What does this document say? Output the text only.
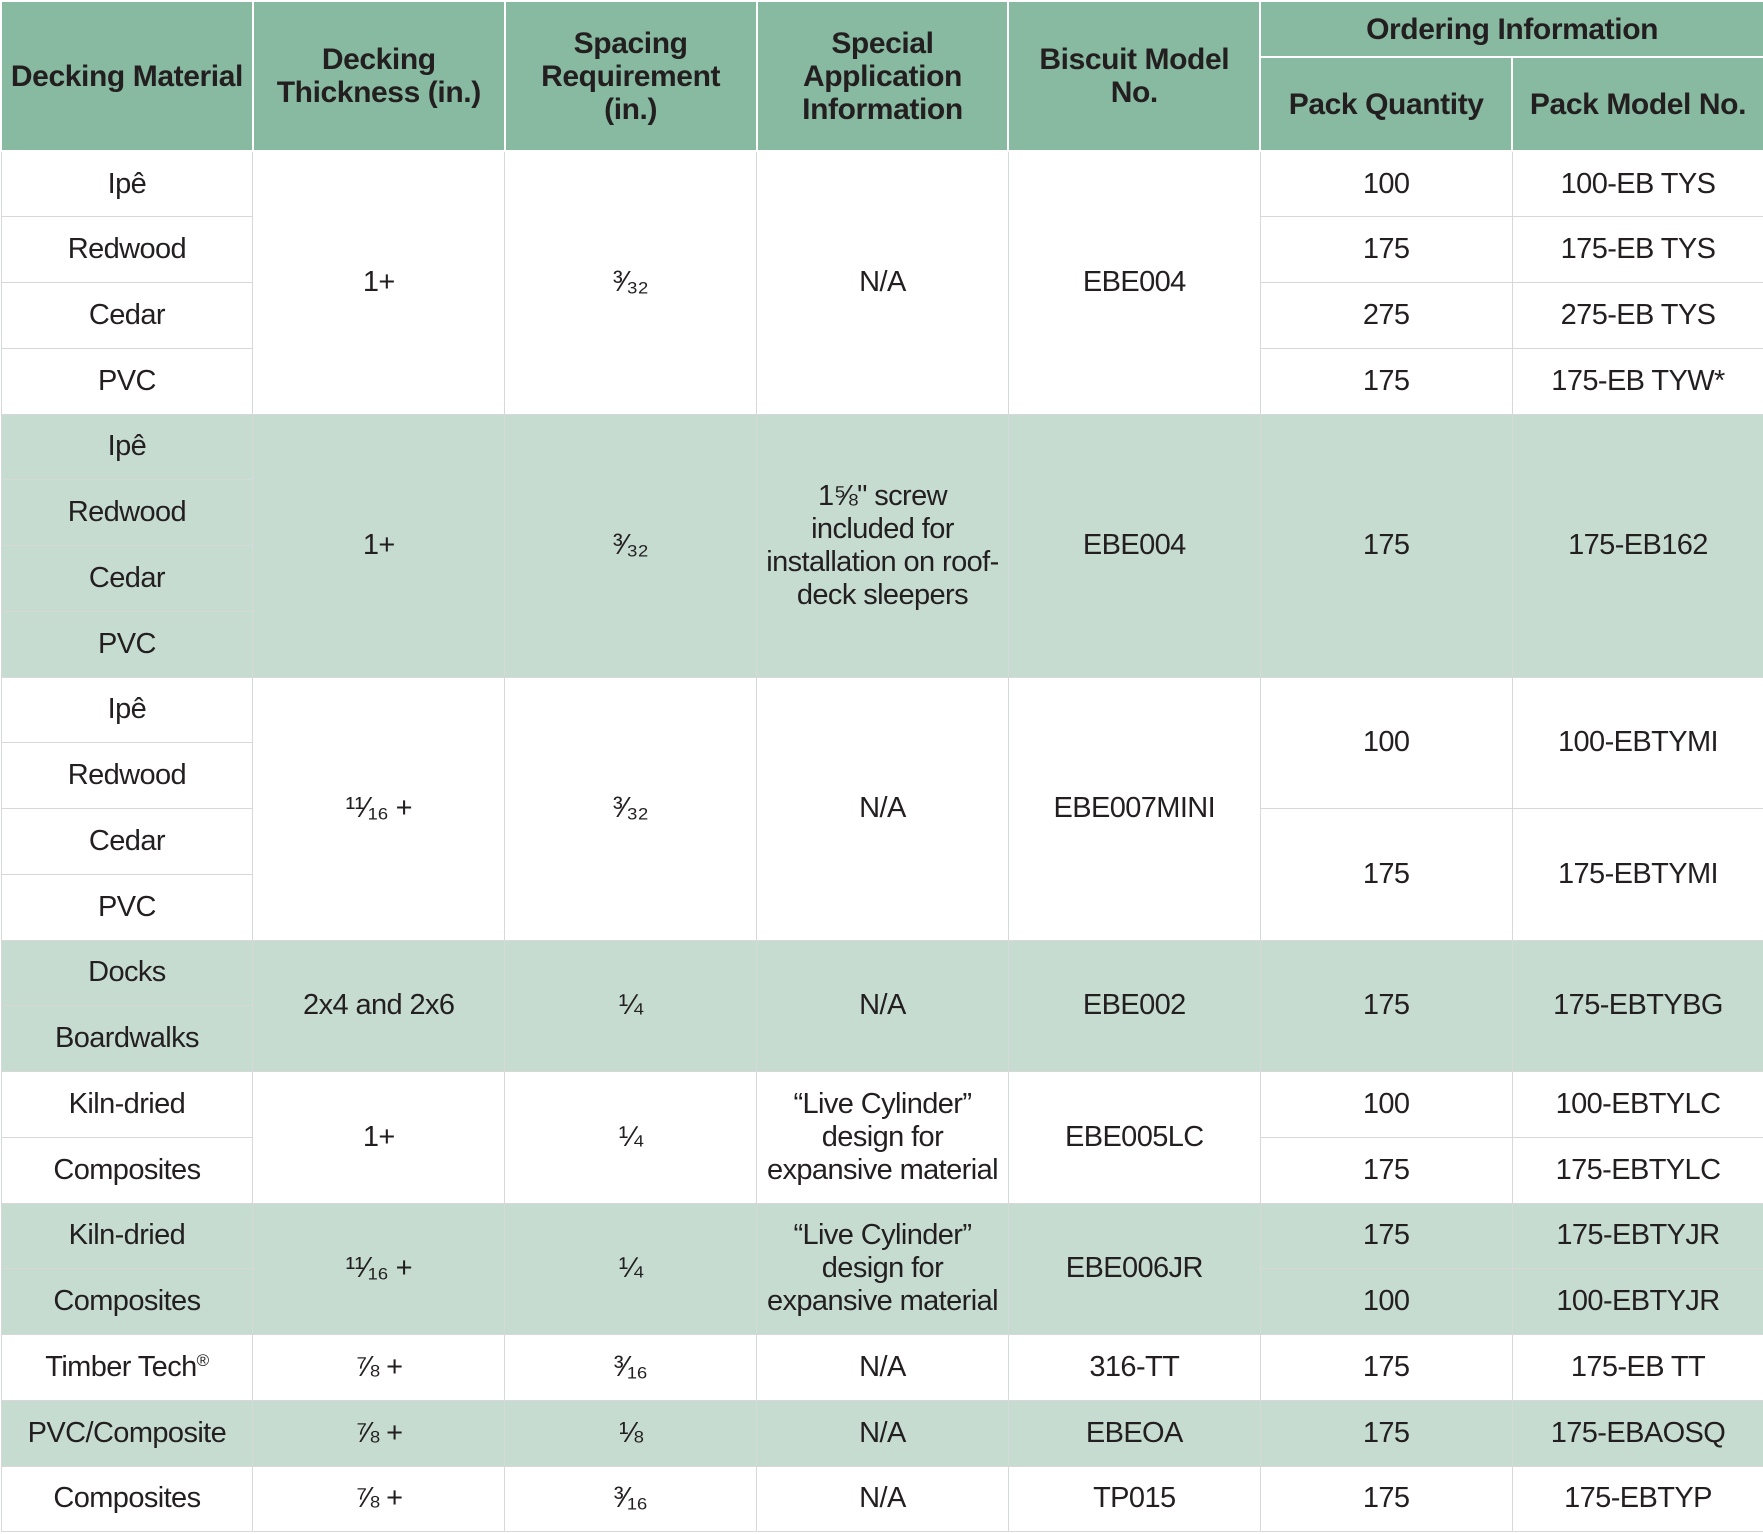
Decking Material	Decking Thickness (in.)	Spacing Requirement (in.)	Special Application Information	Biscuit Model No.	Ordering Information	
					Pack Quantity	Pack Model No.
Ipê	1+	³⁄₃₂	N/A	EBE004	100	100-EB TYS
Redwood					175	175-EB TYS
Cedar					275	275-EB TYS
PVC					175	175-EB TYW*
Ipê	1+	³⁄₃₂	1⅝" screw included for installation on roof-deck sleepers	EBE004	175	175-EB162
Redwood						
Cedar						
PVC						
Ipê	¹¹⁄₁₆ +	³⁄₃₂	N/A	EBE007MINI	100	100-EBTYMI
Redwood						
Cedar					175	175-EBTYMI
PVC						
Docks	2x4 and 2x6	¼	N/A	EBE002	175	175-EBTYBG
Boardwalks						
Kiln-dried	1+	¼	“Live Cylinder” design for expansive material	EBE005LC	100	100-EBTYLC
Composites					175	175-EBTYLC
Kiln-dried	¹¹⁄₁₆ +	¼	“Live Cylinder” design for expansive material	EBE006JR	175	175-EBTYJR
Composites					100	100-EBTYJR
Timber Tech®	⅞ +	³⁄₁₆	N/A	316-TT	175	175-EB TT
PVC/Composite	⅞ +	⅛	N/A	EBEOA	175	175-EBAOSQ
Composites	⅞ +	³⁄₁₆	N/A	TP015	175	175-EBTYP
